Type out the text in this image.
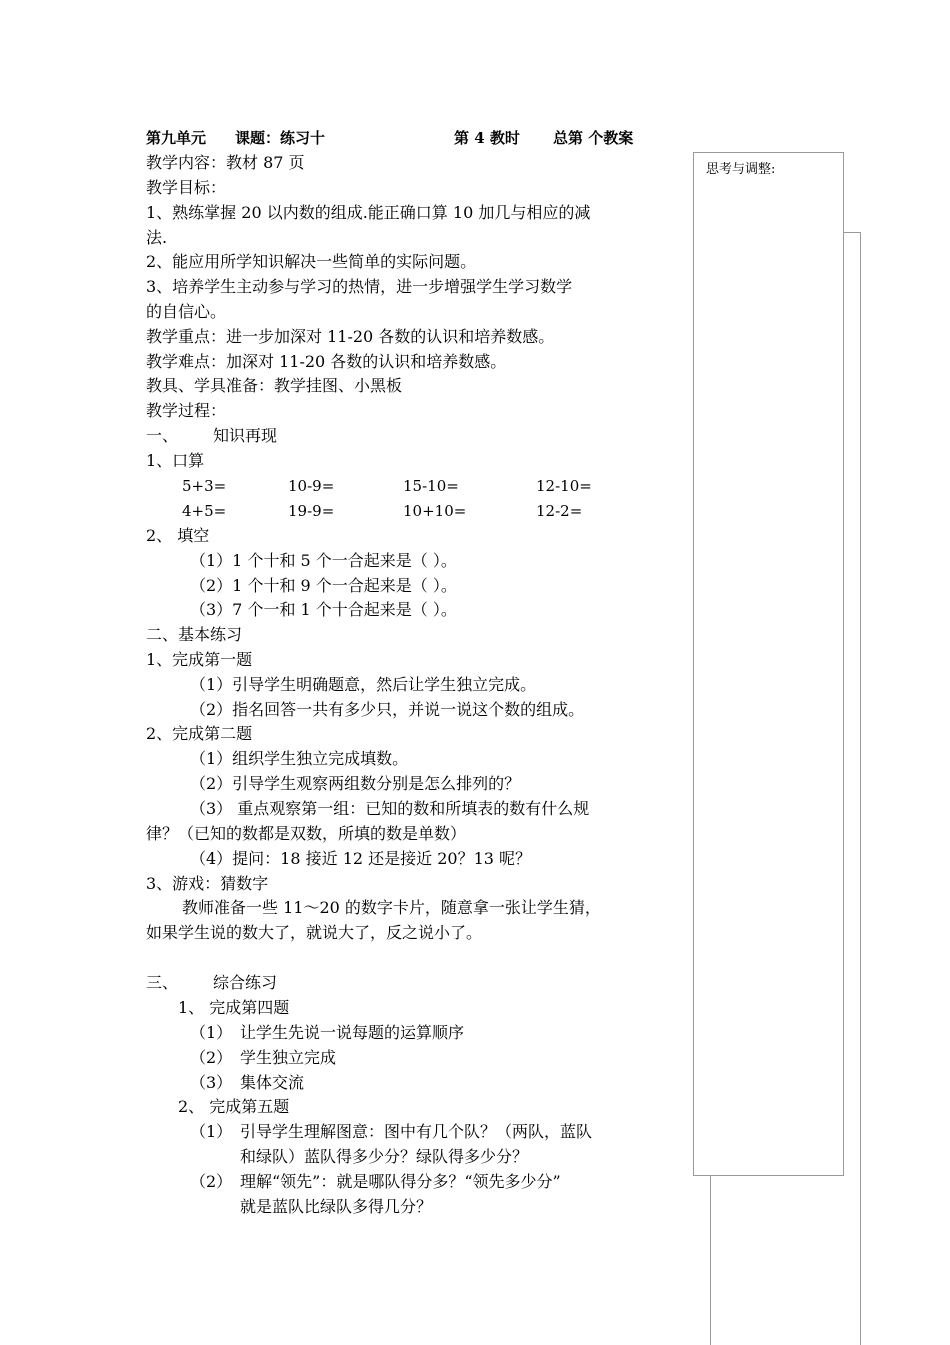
第九单元 课题：练习十	第 4 教时 总第 个教案
思考与调整:
教学内容：教材 87 页
教学目标：
1、熟练掌握 20 以内数的组成.能正确口算 10 加几与相应的减
法.
2、能应用所学知识解决一些简单的实际问题。
3、培养学生主动参与学习的热情，进一步增强学生学习数学
的自信心。
教学重点：进一步加深对 11-20 各数的认识和培养数感。
教学难点：加深对 11-20 各数的认识和培养数感。
教具、学具准备：教学挂图、小黑板
教学过程：
一、 知识再现
1、口算
5+3=	10-9=	15-10=	12-10=
4+5=	19-9=	10+10=	12-2=
2、 填空
（1）1 个十和 5 个一合起来是（ ）。
（2）1 个十和 9 个一合起来是（ ）。
（3）7 个一和 1 个十合起来是（ ）。
二、基本练习
1、完成第一题
（1）引导学生明确题意，然后让学生独立完成。
（2）指名回答一共有多少只，并说一说这个数的组成。
2、完成第二题
（1）组织学生独立完成填数。
（2）引导学生观察两组数分别是怎么排列的？
（3） 重点观察第一组：已知的数和所填表的数有什么规
律？（已知的数都是双数，所填的数是单数）
（4）提问：18 接近 12 还是接近 20？13 呢？
3、游戏：猜数字
教师准备一些 11～20 的数字卡片，随意拿一张让学生猜，
如果学生说的数大了，就说大了，反之说小了。
三、 综合练习
1、 完成第四题
（1） 让学生先说一说每题的运算顺序
（2） 学生独立完成
（3） 集体交流
2、 完成第五题
（1） 引导学生理解图意：图中有几个队？（两队，蓝队
和绿队）蓝队得多少分？绿队得多少分？
（2） 理解“领先”：就是哪队得分多？“领先多少分”
就是蓝队比绿队多得几分？
